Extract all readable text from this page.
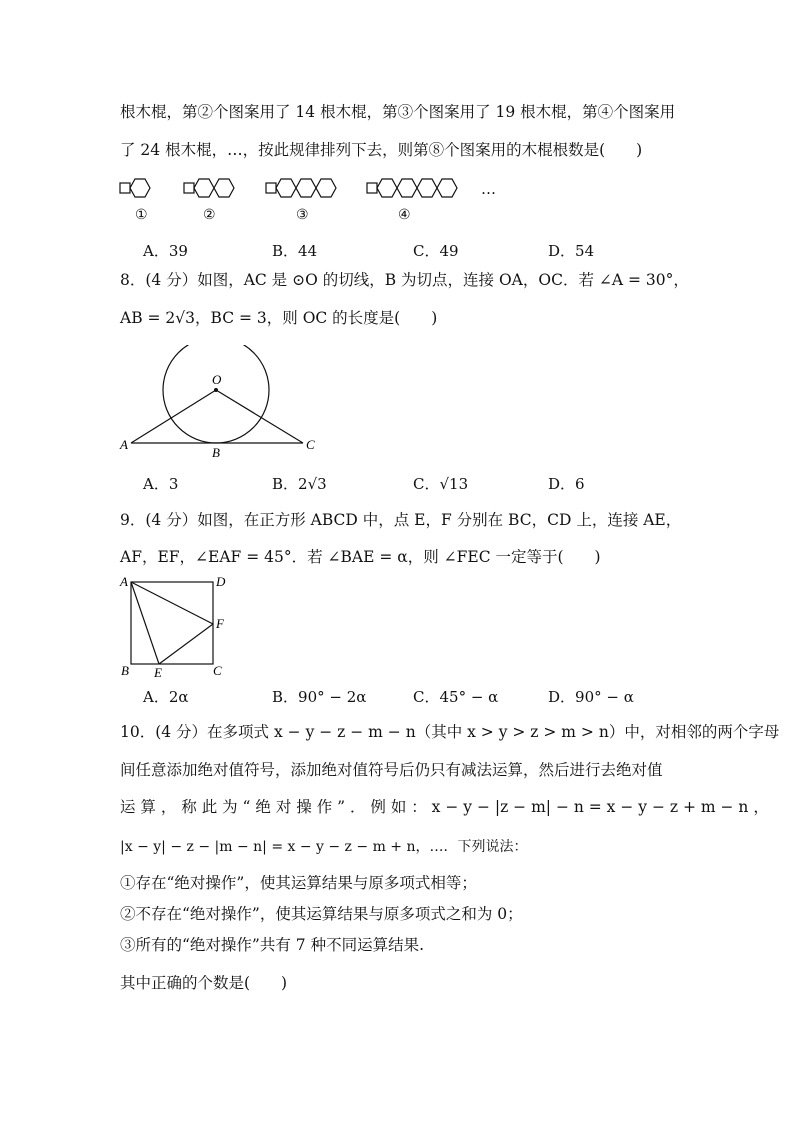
根木棍，第②个图案用了 14 根木棍，第③个图案用了 19 根木棍，第④个图案用
了 24 根木棍，…，按此规律排列下去，则第⑧个图案用的木棍根数是(　　)
…
①	②	③	④
A．39	B．44	C．49	D．54
8．(4 分）如图，AC 是 ⊙O 的切线，B 为切点，连接 OA，OC．若 ∠A = 30°，
AB = 2√3，BC = 3，则 OC 的长度是(　　)
O
A
B
C
A．3	B．2√3	C．√13	D．6
9．(4 分）如图，在正方形 ABCD 中，点 E，F 分别在 BC，CD 上，连接 AE，
AF，EF，∠EAF = 45°．若 ∠BAE = α，则 ∠FEC 一定等于(　　)
A	D
F
B E	C
A．2α	B．90° − 2α	C．45° − α	D．90° − α
10．(4 分）在多项式 x − y − z − m − n（其中 x > y > z > m > n）中，对相邻的两个字母
间任意添加绝对值符号，添加绝对值符号后仍只有减法运算，然后进行去绝对值
运 算 ， 称 此 为 “ 绝 对 操 作 ” ． 例 如 ： x − y − |z − m| − n = x − y − z + m − n ，
|x − y| − z − |m − n| = x − y − z − m + n，…．下列说法：
①存在“绝对操作”，使其运算结果与原多项式相等；
②不存在“绝对操作”，使其运算结果与原多项式之和为 0；
③所有的“绝对操作”共有 7 种不同运算结果.
其中正确的个数是(　　)
